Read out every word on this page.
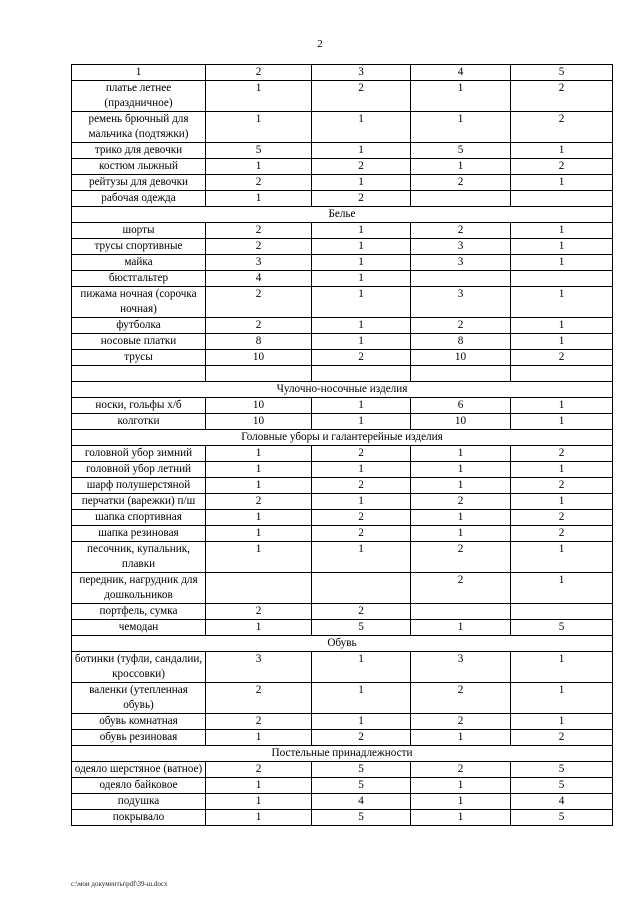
2
1	2	3	4	5
платье летнее (праздничное)	1	2	1	2
ремень брючный для мальчика (подтяжки)	1	1	1	2
трико для девочки	5	1	5	1
костюм лыжный	1	2	1	2
рейтузы для девочки	2	1	2	1
рабочая одежда	1	2		
Белье				
шорты	2	1	2	1
трусы спортивные	2	1	3	1
майка	3	1	3	1
бюстгальтер	4	1		
пижама ночная (сорочка ночная)	2	1	3	1
футболка	2	1	2	1
носовые платки	8	1	8	1
трусы	10	2	10	2

Чулочно-носочные изделия				
носки, гольфы х/б	10	1	6	1
колготки	10	1	10	1
Головные уборы и галантерейные изделия				
головной убор зимний	1	2	1	2
головной убор летний	1	1	1	1
шарф полушерстяной	1	2	1	2
перчатки (варежки) п/ш	2	1	2	1
шапка спортивная	1	2	1	2
шапка резиновая	1	2	1	2
песочник, купальник, плавки	1	1	2	1
передник, нагрудник для дошкольников			2	1
портфель, сумка	2	2		
чемодан	1	5	1	5
Обувь				
ботинки (туфли, сандалии, кроссовки)	3	1	3	1
валенки (утепленная обувь)	2	1	2	1
обувь комнатная	2	1	2	1
обувь резиновая	1	2	1	2
Постельные принадлежности				
одеяло шерстяное (ватное)	2	5	2	5
одеяло байковое	1	5	1	5
подушка	1	4	1	4
покрывало	1	5	1	5
c:\мои документы\pdf\39-ш.docx
